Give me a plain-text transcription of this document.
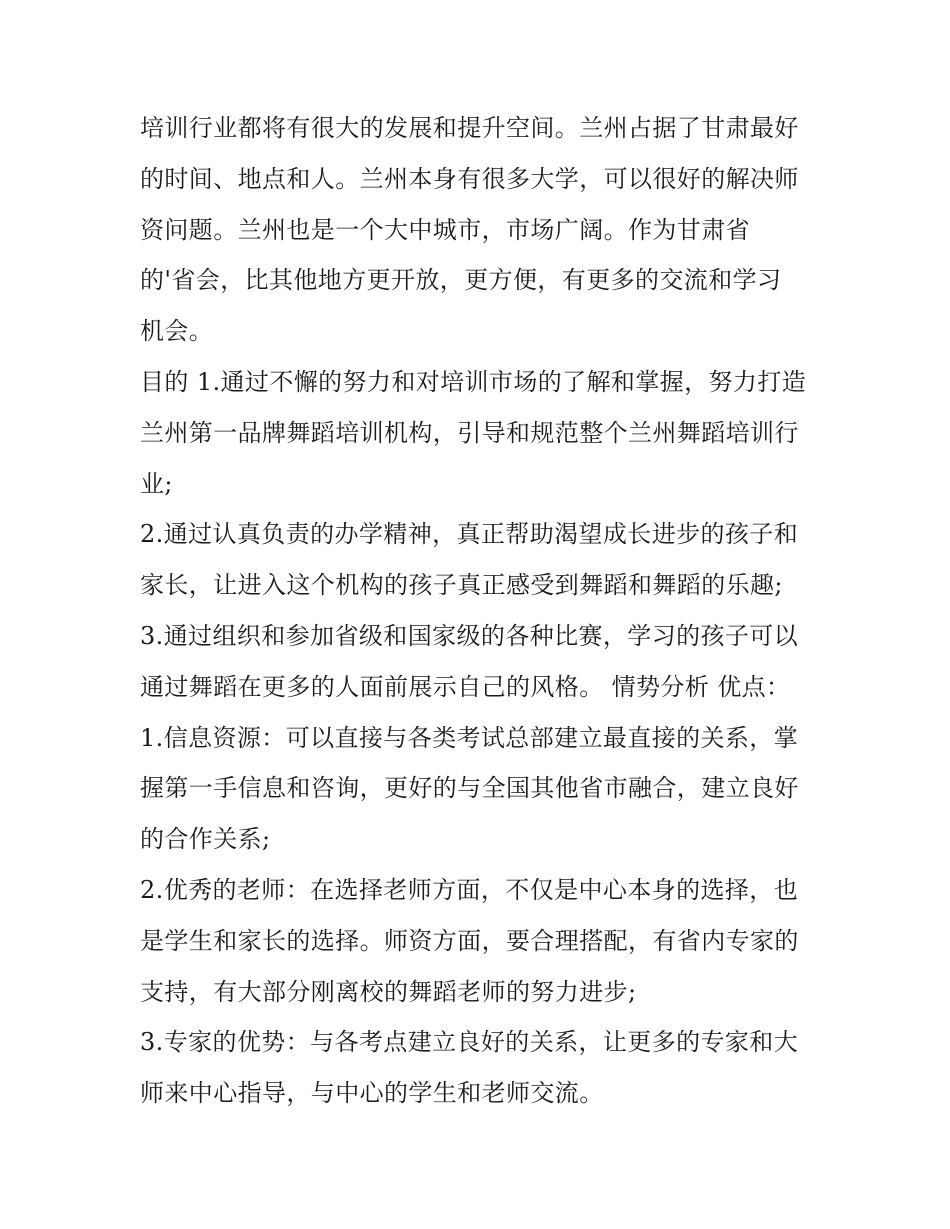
培训行业都将有很大的发展和提升空间。兰州占据了甘肃最好
的时间、地点和人。兰州本身有很多大学，可以很好的解决师
资问题。兰州也是一个大中城市，市场广阔。作为甘肃省
的'省会，比其他地方更开放，更方便，有更多的交流和学习
机会。
目的 1.通过不懈的努力和对培训市场的了解和掌握，努力打造
兰州第一品牌舞蹈培训机构，引导和规范整个兰州舞蹈培训行
业;
2.通过认真负责的办学精神，真正帮助渴望成长进步的孩子和
家长，让进入这个机构的孩子真正感受到舞蹈和舞蹈的乐趣;
3.通过组织和参加省级和国家级的各种比赛，学习的孩子可以
通过舞蹈在更多的人面前展示自己的风格。 情势分析 优点：
1.信息资源：可以直接与各类考试总部建立最直接的关系，掌
握第一手信息和咨询，更好的与全国其他省市融合，建立良好
的合作关系;
2.优秀的老师：在选择老师方面，不仅是中心本身的选择，也
是学生和家长的选择。师资方面，要合理搭配，有省内专家的
支持，有大部分刚离校的舞蹈老师的努力进步;
3.专家的优势：与各考点建立良好的关系，让更多的专家和大
师来中心指导，与中心的学生和老师交流。
